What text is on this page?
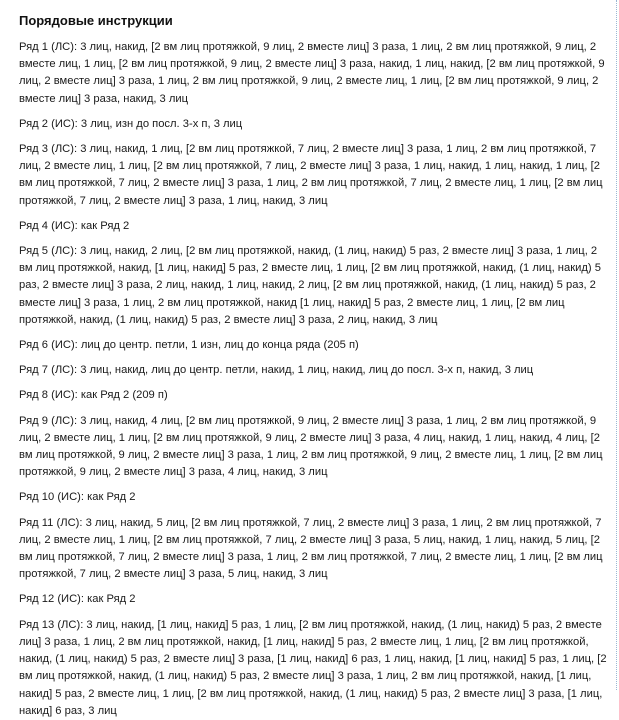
Порядовые инструкции

Ряд 1 (ЛС): 3 лиц, накид, [2 вм лиц протяжкой, 9 лиц, 2 вместе лиц] 3 раза, 1 лиц, 2 вм лиц протяжкой, 9 лиц, 2 вместе лиц, 1 лиц, [2 вм лиц протяжкой, 9 лиц, 2 вместе лиц] 3 раза, накид, 1 лиц, накид, [2 вм лиц протяжкой, 9 лиц, 2 вместе лиц] 3 раза, 1 лиц, 2 вм лиц протяжкой, 9 лиц, 2 вместе лиц, 1 лиц, [2 вм лиц протяжкой, 9 лиц, 2 вместе лиц] 3 раза, накид, 3 лиц

Ряд 2 (ИС): 3 лиц, изн до посл. 3-х п, 3 лиц

Ряд 3 (ЛС): 3 лиц, накид, 1 лиц, [2 вм лиц протяжкой, 7 лиц, 2 вместе лиц] 3 раза, 1 лиц, 2 вм лиц протяжкой, 7 лиц, 2 вместе лиц, 1 лиц, [2 вм лиц протяжкой, 7 лиц, 2 вместе лиц] 3 раза, 1 лиц, накид, 1 лиц, накид, 1 лиц, [2 вм лиц протяжкой, 7 лиц, 2 вместе лиц] 3 раза, 1 лиц, 2 вм лиц протяжкой, 7 лиц, 2 вместе лиц, 1 лиц, [2 вм лиц протяжкой, 7 лиц, 2 вместе лиц] 3 раза, 1 лиц, накид, 3 лиц

Ряд 4 (ИС): как Ряд 2

Ряд 5 (ЛС): 3 лиц, накид, 2 лиц, [2 вм лиц протяжкой, накид, (1 лиц, накид) 5 раз, 2 вместе лиц] 3 раза, 1 лиц, 2 вм лиц протяжкой, накид, [1 лиц, накид] 5 раз, 2 вместе лиц, 1 лиц, [2 вм лиц протяжкой, накид, (1 лиц, накид) 5 раз, 2 вместе лиц] 3 раза, 2 лиц, накид, 1 лиц, накид, 2 лиц, [2 вм лиц протяжкой, накид, (1 лиц, накид) 5 раз, 2 вместе лиц] 3 раза, 1 лиц, 2 вм лиц протяжкой, накид [1 лиц, накид] 5 раз, 2 вместе лиц, 1 лиц, [2 вм лиц протяжкой, накид, (1 лиц, накид) 5 раз, 2 вместе лиц] 3 раза, 2 лиц, накид, 3 лиц

Ряд 6 (ИС): лиц до центр. петли, 1 изн, лиц до конца ряда (205 п)

Ряд 7 (ЛС): 3 лиц, накид, лиц до центр. петли, накид, 1 лиц, накид, лиц до посл. 3-х п, накид, 3 лиц

Ряд 8 (ИС): как Ряд 2 (209 п)

Ряд 9 (ЛС): 3 лиц, накид, 4 лиц, [2 вм лиц протяжкой, 9 лиц, 2 вместе лиц] 3 раза, 1 лиц, 2 вм лиц протяжкой, 9 лиц, 2 вместе лиц, 1 лиц, [2 вм лиц протяжкой, 9 лиц, 2 вместе лиц] 3 раза, 4 лиц, накид, 1 лиц, накид, 4 лиц, [2 вм лиц протяжкой, 9 лиц, 2 вместе лиц] 3 раза, 1 лиц, 2 вм лиц протяжкой, 9 лиц, 2 вместе лиц, 1 лиц, [2 вм лиц протяжкой, 9 лиц, 2 вместе лиц] 3 раза, 4 лиц, накид, 3 лиц

Ряд 10 (ИС): как Ряд 2

Ряд 11 (ЛС): 3 лиц, накид, 5 лиц, [2 вм лиц протяжкой, 7 лиц, 2 вместе лиц] 3 раза, 1 лиц, 2 вм лиц протяжкой, 7 лиц, 2 вместе лиц, 1 лиц, [2 вм лиц протяжкой, 7 лиц, 2 вместе лиц] 3 раза, 5 лиц, накид, 1 лиц, накид, 5 лиц, [2 вм лиц протяжкой, 7 лиц, 2 вместе лиц] 3 раза, 1 лиц, 2 вм лиц протяжкой, 7 лиц, 2 вместе лиц, 1 лиц, [2 вм лиц протяжкой, 7 лиц, 2 вместе лиц] 3 раза, 5 лиц, накид, 3 лиц

Ряд 12 (ИС): как Ряд 2

Ряд 13 (ЛС): 3 лиц, накид, [1 лиц, накид] 5 раз, 1 лиц, [2 вм лиц протяжкой, накид, (1 лиц, накид) 5 раз, 2 вместе лиц] 3 раза, 1 лиц, 2 вм лиц протяжкой, накид, [1 лиц, накид] 5 раз, 2 вместе лиц, 1 лиц, [2 вм лиц протяжкой, накид, (1 лиц, накид) 5 раз, 2 вместе лиц] 3 раза, [1 лиц, накид] 6 раз, 1 лиц, накид, [1 лиц, накид] 5 раз, 1 лиц, [2 вм лиц протяжкой, накид, (1 лиц, накид) 5 раз, 2 вместе лиц] 3 раза, 1 лиц, 2 вм лиц протяжкой, накид, [1 лиц, накид] 5 раз, 2 вместе лиц, 1 лиц, [2 вм лиц протяжкой, накид, (1 лиц, накид) 5 раз, 2 вместе лиц] 3 раза, [1 лиц, накид] 6 раз, 3 лиц
